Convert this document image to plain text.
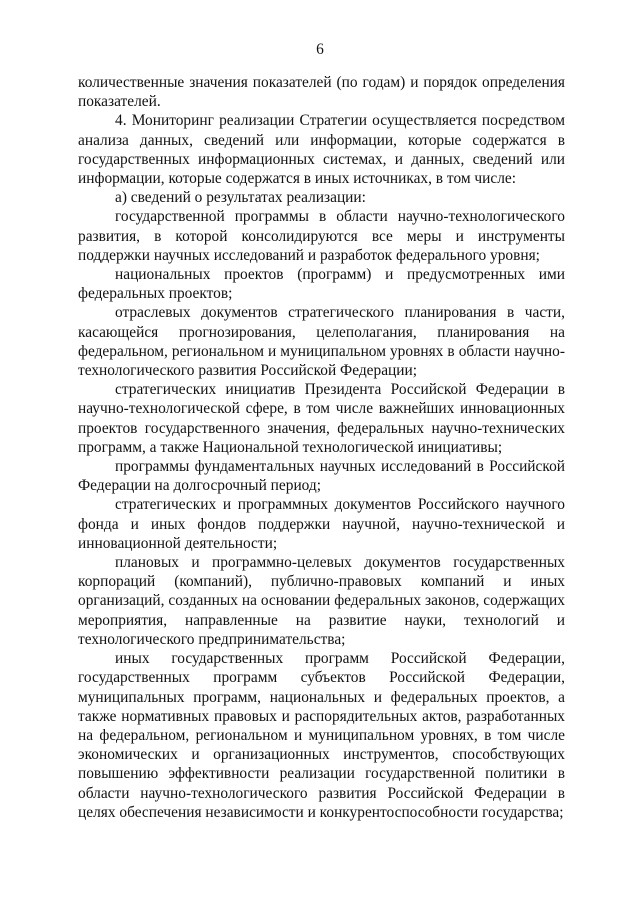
6

количественные значения показателей (по годам) и порядок определения показателей.

4. Мониторинг реализации Стратегии осуществляется посредством анализа данных, сведений или информации, которые содержатся в государственных информационных системах, и данных, сведений или информации, которые содержатся в иных источниках, в том числе:

а) сведений о результатах реализации:

государственной программы в области научно-технологического развития, в которой консолидируются все меры и инструменты поддержки научных исследований и разработок федерального уровня;

национальных проектов (программ) и предусмотренных ими федеральных проектов;

отраслевых документов стратегического планирования в части, касающейся прогнозирования, целеполагания, планирования на федеральном, региональном и муниципальном уровнях в области научно-технологического развития Российской Федерации;

стратегических инициатив Президента Российской Федерации в научно-технологической сфере, в том числе важнейших инновационных проектов государственного значения, федеральных научно-технических программ, а также Национальной технологической инициативы;

программы фундаментальных научных исследований в Российской Федерации на долгосрочный период;

стратегических и программных документов Российского научного фонда и иных фондов поддержки научной, научно-технической и инновационной деятельности;

плановых и программно-целевых документов государственных корпораций (компаний), публично-правовых компаний и иных организаций, созданных на основании федеральных законов, содержащих мероприятия, направленные на развитие науки, технологий и технологического предпринимательства;

иных государственных программ Российской Федерации, государственных программ субъектов Российской Федерации, муниципальных программ, национальных и федеральных проектов, а также нормативных правовых и распорядительных актов, разработанных на федеральном, региональном и муниципальном уровнях, в том числе экономических и организационных инструментов, способствующих повышению эффективности реализации государственной политики в области научно-технологического развития Российской Федерации в целях обеспечения независимости и конкурентоспособности государства;
